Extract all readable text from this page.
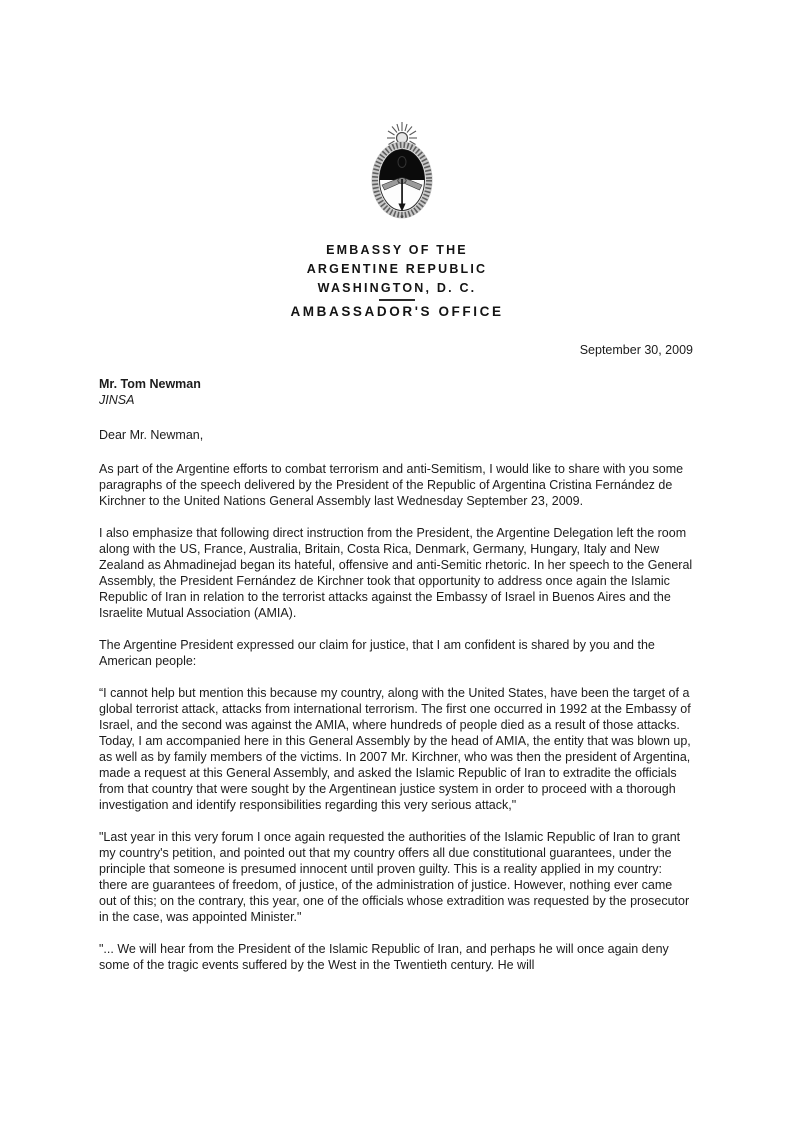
EMBASSY OF THE
ARGENTINE REPUBLIC
WASHINGTON, D. C.
AMBASSADOR'S OFFICE
September 30, 2009
Mr. Tom Newman
JINSA
Dear Mr. Newman,

As part of the Argentine efforts to combat terrorism and anti-Semitism, I would like to share with you some paragraphs of the speech delivered by the President of the Republic of Argentina Cristina Fernández de Kirchner to the United Nations General Assembly last Wednesday September 23, 2009.

I also emphasize that following direct instruction from the President, the Argentine Delegation left the room along with the US, France, Australia, Britain, Costa Rica, Denmark, Germany, Hungary, Italy and New Zealand as Ahmadinejad began its hateful, offensive and anti-Semitic rhetoric. In her speech to the General Assembly, the President Fernández de Kirchner took that opportunity to address once again the Islamic Republic of Iran in relation to the terrorist attacks against the Embassy of Israel in Buenos Aires and the Israelite Mutual Association (AMIA).

The Argentine President expressed our claim for justice, that I am confident is shared by you and the American people:

“I cannot help but mention this because my country, along with the United States, have been the target of a global terrorist attack, attacks from international terrorism. The first one occurred in 1992 at the Embassy of Israel, and the second was against the AMIA, where hundreds of people died as a result of those attacks. Today, I am accompanied here in this General Assembly by the head of AMIA, the entity that was blown up, as well as by family members of the victims. In 2007 Mr. Kirchner, who was then the president of Argentina, made a request at this General Assembly, and asked the Islamic Republic of Iran to extradite the officials from that country that were sought by the Argentinean justice system in order to proceed with a thorough investigation and identify responsibilities regarding this very serious attack,"

"Last year in this very forum I once again requested the authorities of the Islamic Republic of Iran to grant my country's petition, and pointed out that my country offers all due constitutional guarantees, under the principle that someone is presumed innocent until proven guilty. This is a reality applied in my country: there are guarantees of freedom, of justice, of the administration of justice. However, nothing ever came out of this; on the contrary, this year, one of the officials whose extradition was requested by the prosecutor in the case, was appointed Minister."

"... We will hear from the President of the Islamic Republic of Iran, and perhaps he will once again deny some of the tragic events suffered by the West in the Twentieth century. He will
